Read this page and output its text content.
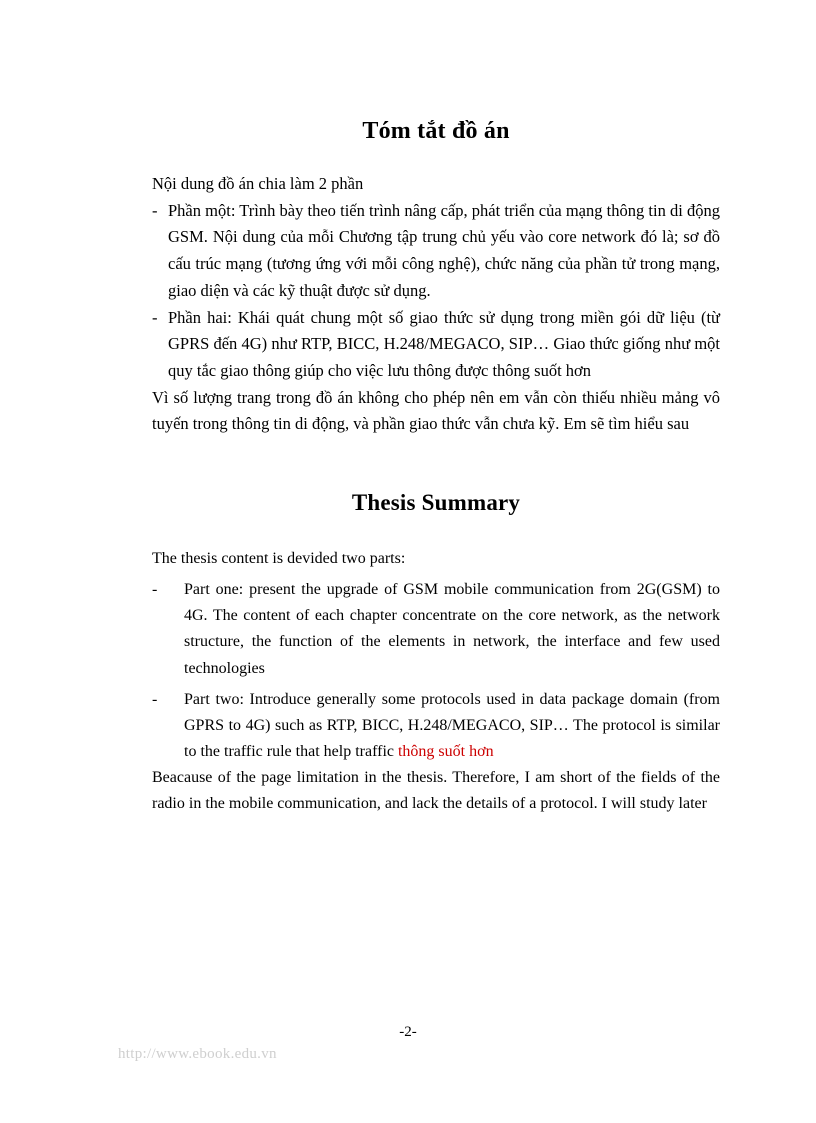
Tóm tắt đồ án
Nội dung đồ án chia làm 2 phần
- Phần một: Trình bày theo tiến trình nâng cấp, phát triển của mạng thông tin di động GSM. Nội dung của mỗi Chương tập trung chủ yếu vào core network đó là; sơ đồ cấu trúc mạng (tương ứng với mỗi công nghệ), chức năng của phần tử trong mạng, giao diện và các kỹ thuật được sử dụng.
- Phần hai: Khái quát chung một số giao thức sử dụng trong miền gói dữ liệu (từ GPRS đến 4G) như RTP, BICC, H.248/MEGACO, SIP… Giao thức giống như một quy tắc giao thông giúp cho việc lưu thông được thông suốt hơn
Vì số lượng trang trong đồ án không cho phép nên em vẫn còn thiếu nhiều mảng vô tuyến trong thông tin di động, và phần giao thức vẫn chưa kỹ. Em sẽ tìm hiểu sau
Thesis Summary
The thesis content is devided two parts:
-	Part one: present the upgrade of GSM mobile communication from 2G(GSM) to 4G. The content of each chapter concentrate on the core network, as the network structure, the function of the elements in network, the interface and few used technologies
-	Part two: Introduce generally some protocols used in data package domain (from GPRS to 4G) such as RTP, BICC, H.248/MEGACO, SIP… The protocol is similar to the traffic rule that help traffic thông suốt hơn
Beacause of the page limitation in the thesis. Therefore, I am short of the fields of the radio in the mobile communication, and lack the details of a protocol. I will study later
-2-
http://www.ebook.edu.vn
